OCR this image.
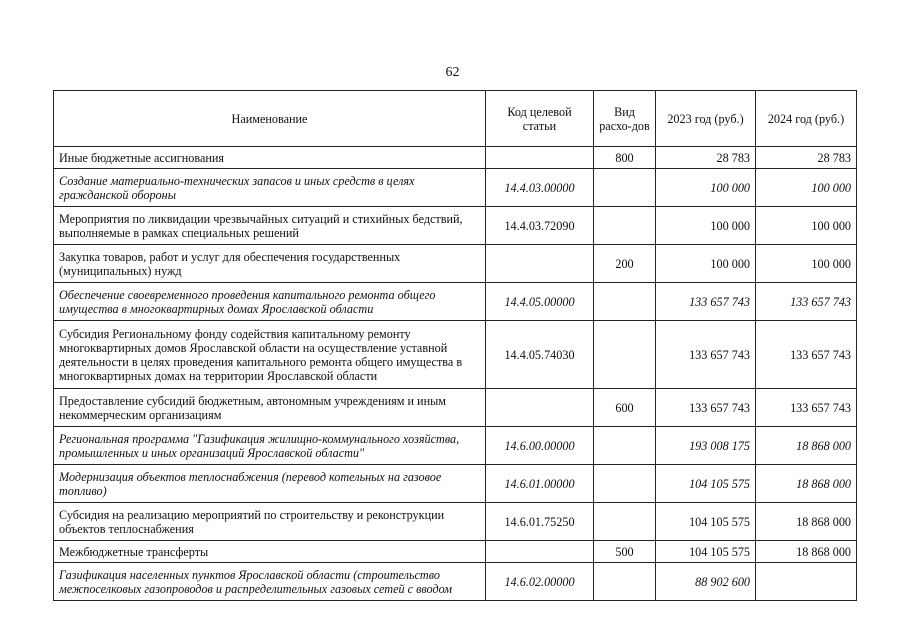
62
Наименование	Код целевой статьи	Вид расхо-дов	2023 год (руб.)	2024 год (руб.)
Иные бюджетные ассигнования		800	28 783	28 783
Создание материально-технических запасов и иных средств в целях гражданской обороны	14.4.03.00000		100 000	100 000
Мероприятия по ликвидации чрезвычайных ситуаций и стихийных бедствий, выполняемые в рамках специальных решений	14.4.03.72090		100 000	100 000
Закупка товаров, работ и услуг для обеспечения государственных (муниципальных) нужд		200	100 000	100 000
Обеспечение своевременного проведения капитального ремонта общего имущества в многоквартирных домах Ярославской области	14.4.05.00000		133 657 743	133 657 743
Субсидия Региональному фонду содействия капитальному ремонту многоквартирных домов Ярославской области на осуществление уставной деятельности в целях проведения капитального ремонта общего имущества в многоквартирных домах на территории Ярославской области	14.4.05.74030		133 657 743	133 657 743
Предоставление субсидий бюджетным, автономным учреждениям и иным некоммерческим организациям		600	133 657 743	133 657 743
Региональная программа "Газификация жилищно-коммунального хозяйства, промышленных и иных организаций Ярославской области"	14.6.00.00000		193 008 175	18 868 000
Модернизация объектов теплоснабжения (перевод котельных на газовое топливо)	14.6.01.00000		104 105 575	18 868 000
Субсидия на реализацию мероприятий по строительству и реконструкции объектов теплоснабжения	14.6.01.75250		104 105 575	18 868 000
Межбюджетные трансферты		500	104 105 575	18 868 000
Газификация населенных пунктов Ярославской области (строительство межпоселковых газопроводов и распределительных газовых сетей с вводом	14.6.02.00000		88 902 600	
